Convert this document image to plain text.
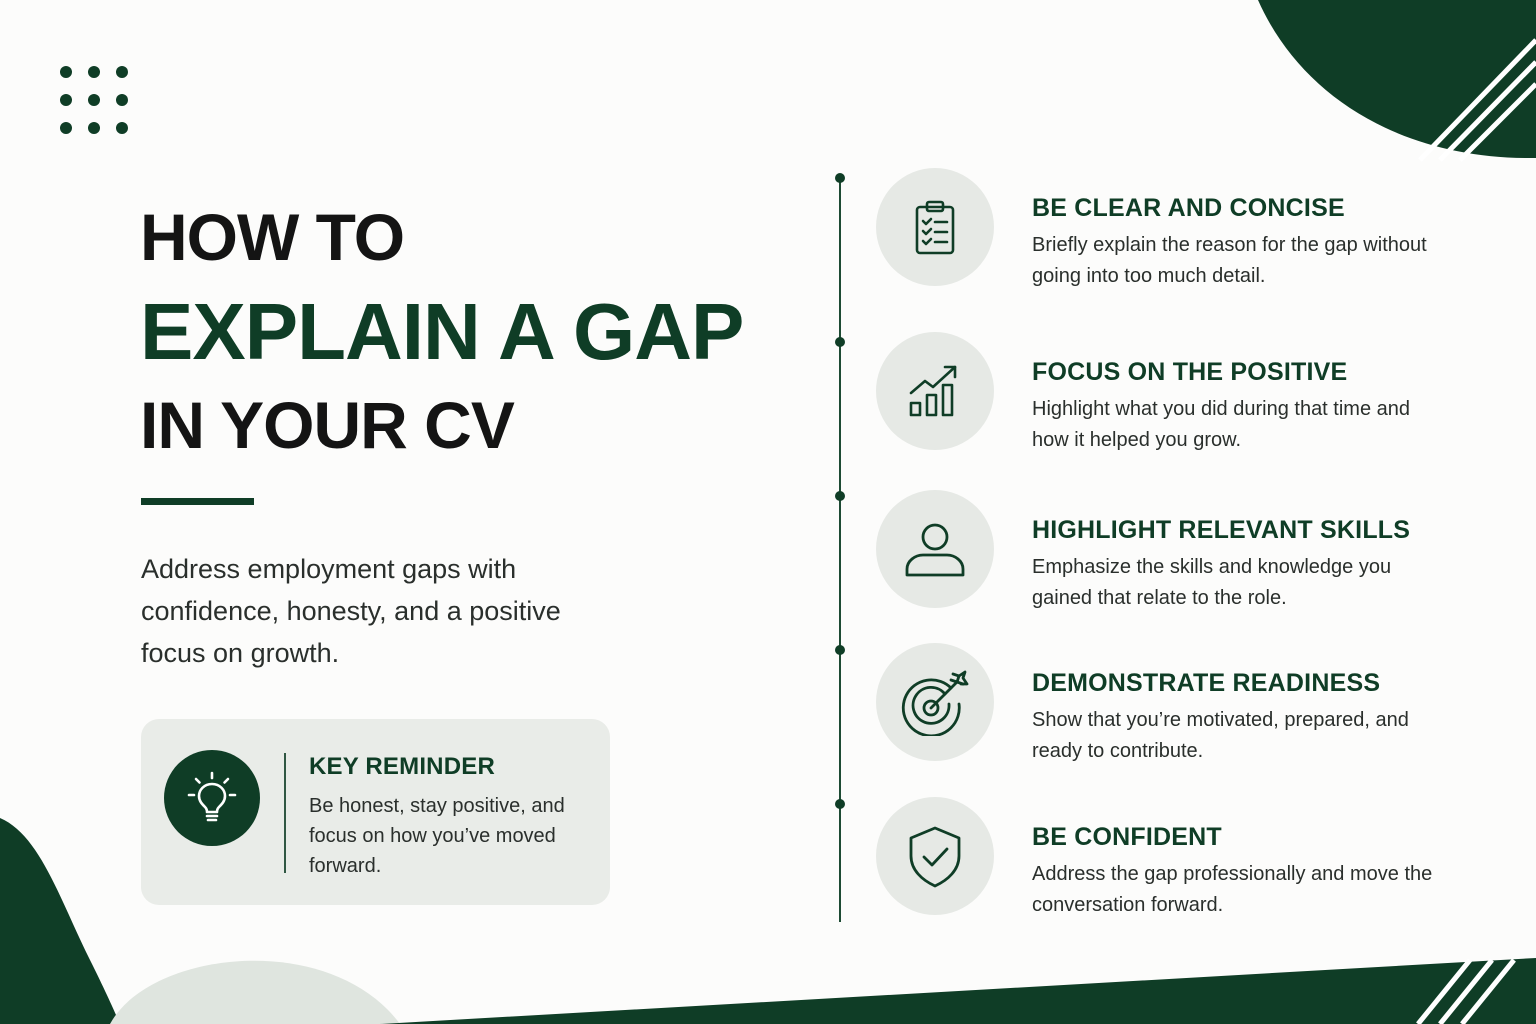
HOW TO
EXPLAIN A GAP
IN YOUR CV

Address employment gaps with confidence, honesty, and a positive focus on growth.

KEY REMINDER
Be honest, stay positive, and focus on how you’ve moved forward.
BE CLEAR AND CONCISE
Briefly explain the reason for the gap without going into too much detail.
FOCUS ON THE POSITIVE
Highlight what you did during that time and how it helped you grow.
HIGHLIGHT RELEVANT SKILLS
Emphasize the skills and knowledge you gained that relate to the role.
DEMONSTRATE READINESS
Show that you’re motivated, prepared, and ready to contribute.
BE CONFIDENT
Address the gap professionally and move the conversation forward.
